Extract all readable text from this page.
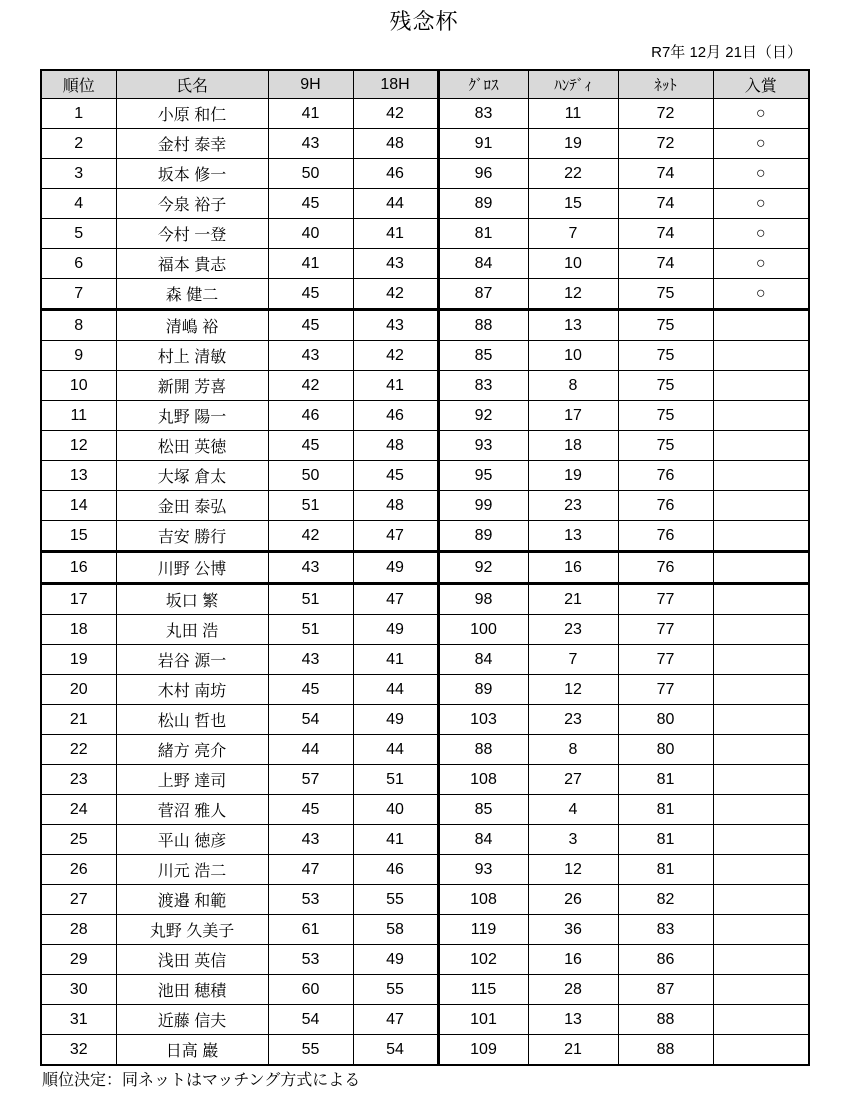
残念杯
R7年 12月 21日（日）
順位	氏名	9H	18H	ｸﾞﾛｽ	ﾊﾝﾃﾞｨ	ﾈｯﾄ	入賞
1	小原 和仁	41	42	83	11	72	○
2	金村 泰幸	43	48	91	19	72	○
3	坂本 修一	50	46	96	22	74	○
4	今泉 裕子	45	44	89	15	74	○
5	今村 一登	40	41	81	7	74	○
6	福本 貴志	41	43	84	10	74	○
7	森 健二	45	42	87	12	75	○
8	清嶋 裕	45	43	88	13	75	
9	村上 清敏	43	42	85	10	75	
10	新開 芳喜	42	41	83	8	75	
11	丸野 陽一	46	46	92	17	75	
12	松田 英徳	45	48	93	18	75	
13	大塚 倉太	50	45	95	19	76	
14	金田 泰弘	51	48	99	23	76	
15	吉安 勝行	42	47	89	13	76	
16	川野 公博	43	49	92	16	76	
17	坂口 繁	51	47	98	21	77	
18	丸田 浩	51	49	100	23	77	
19	岩谷 源一	43	41	84	7	77	
20	木村 南坊	45	44	89	12	77	
21	松山 哲也	54	49	103	23	80	
22	緒方 亮介	44	44	88	8	80	
23	上野 達司	57	51	108	27	81	
24	菅沼 雅人	45	40	85	4	81	
25	平山 徳彦	43	41	84	3	81	
26	川元 浩二	47	46	93	12	81	
27	渡邉 和範	53	55	108	26	82	
28	丸野 久美子	61	58	119	36	83	
29	浅田 英信	53	49	102	16	86	
30	池田 穂積	60	55	115	28	87	
31	近藤 信夫	54	47	101	13	88	
32	日高 巖	55	54	109	21	88	
順位決定：同ネットはマッチング方式による
